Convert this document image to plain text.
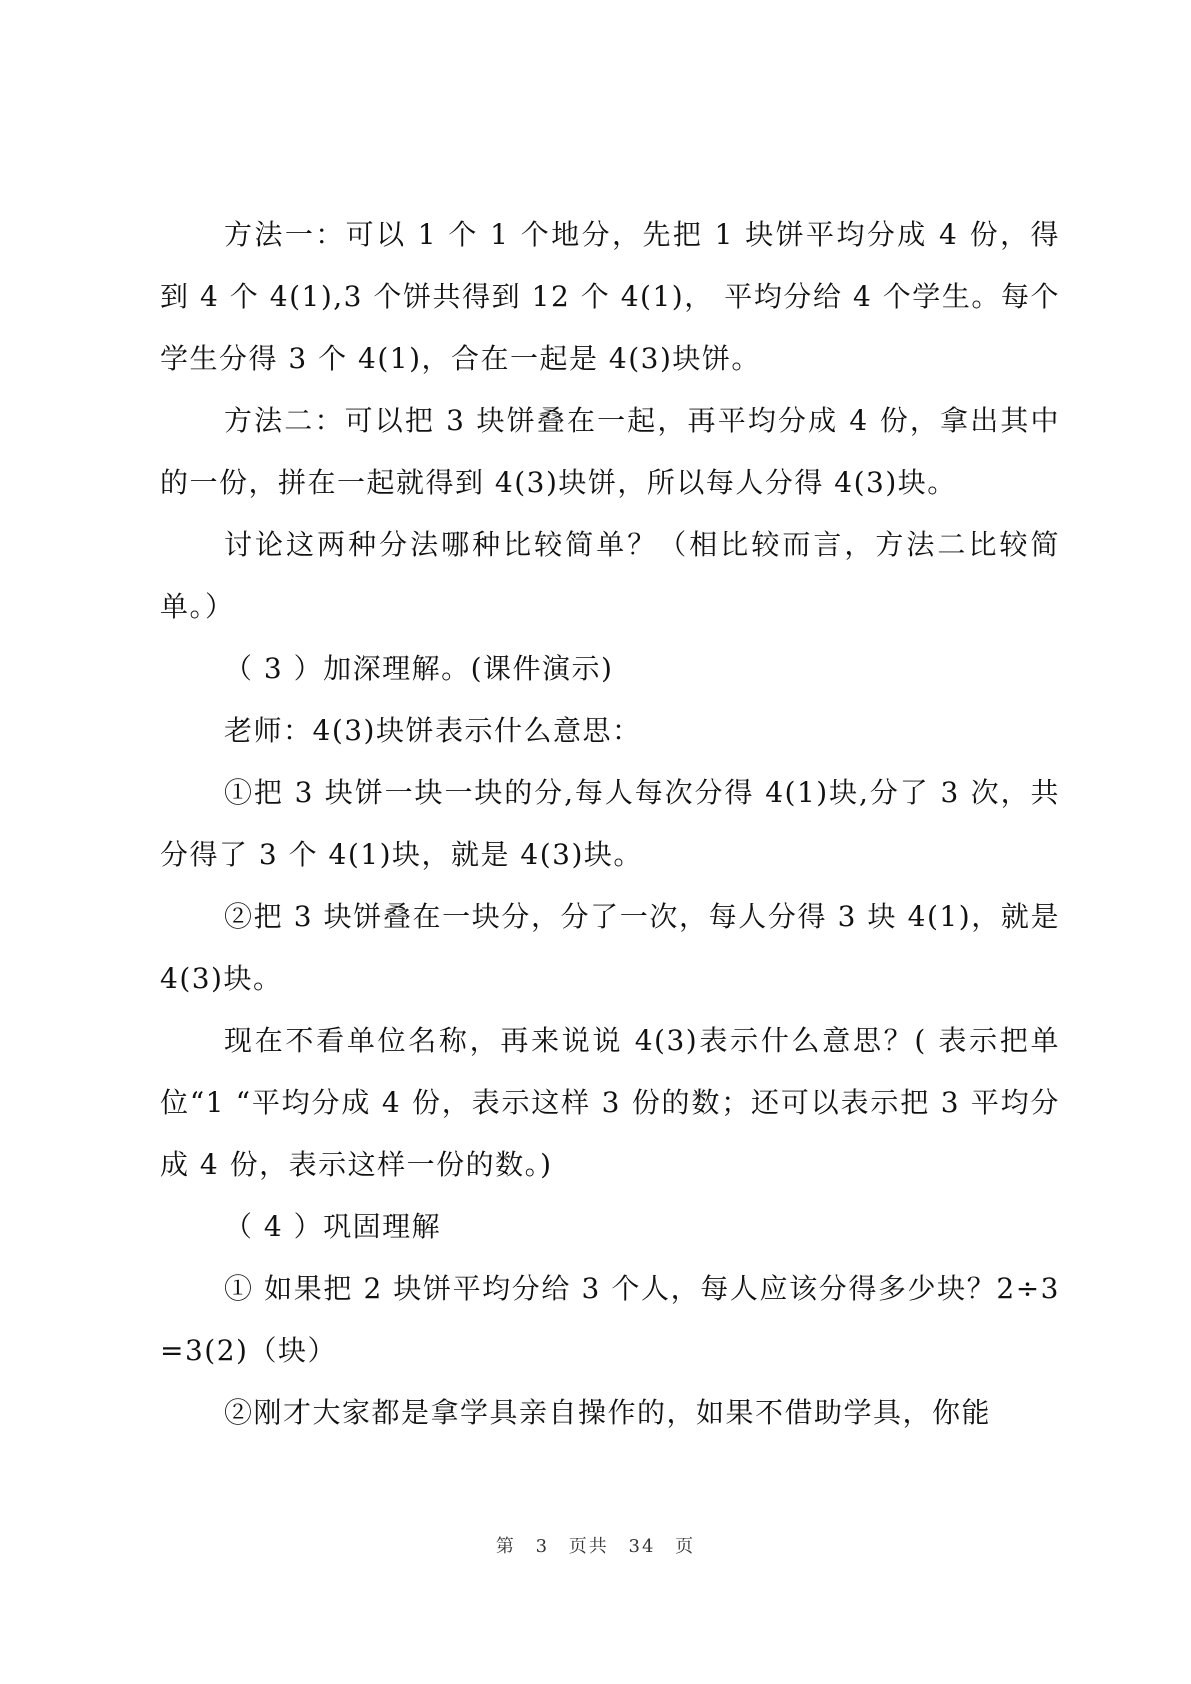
方法一：可以 1 个 1 个地分，先把 1 块饼平均分成 4 份，得到 4 个 4(1),3 个饼共得到 12 个 4(1)， 平均分给 4 个学生。每个学生分得 3 个 4(1)，合在一起是 4(3)块饼。

方法二：可以把 3 块饼叠在一起，再平均分成 4 份，拿出其中的一份，拼在一起就得到 4(3)块饼，所以每人分得 4(3)块。

讨论这两种分法哪种比较简单？（相比较而言，方法二比较简单。）

（ 3 ）加深理解。(课件演示)

老师：4(3)块饼表示什么意思：

①把 3 块饼一块一块的分,每人每次分得 4(1)块,分了 3 次，共分得了 3 个 4(1)块，就是 4(3)块。

②把 3 块饼叠在一块分，分了一次，每人分得 3 块 4(1)，就是 4(3)块。

现在不看单位名称，再来说说 4(3)表示什么意思？( 表示把单位“1 “平均分成 4 份，表示这样 3 份的数；还可以表示把 3 平均分成 4 份，表示这样一份的数。)

（ 4 ）巩固理解

① 如果把 2 块饼平均分给 3 个人，每人应该分得多少块？2÷3=3(2)（块）

②刚才大家都是拿学具亲自操作的，如果不借助学具，你能

第 3 页共 34 页
